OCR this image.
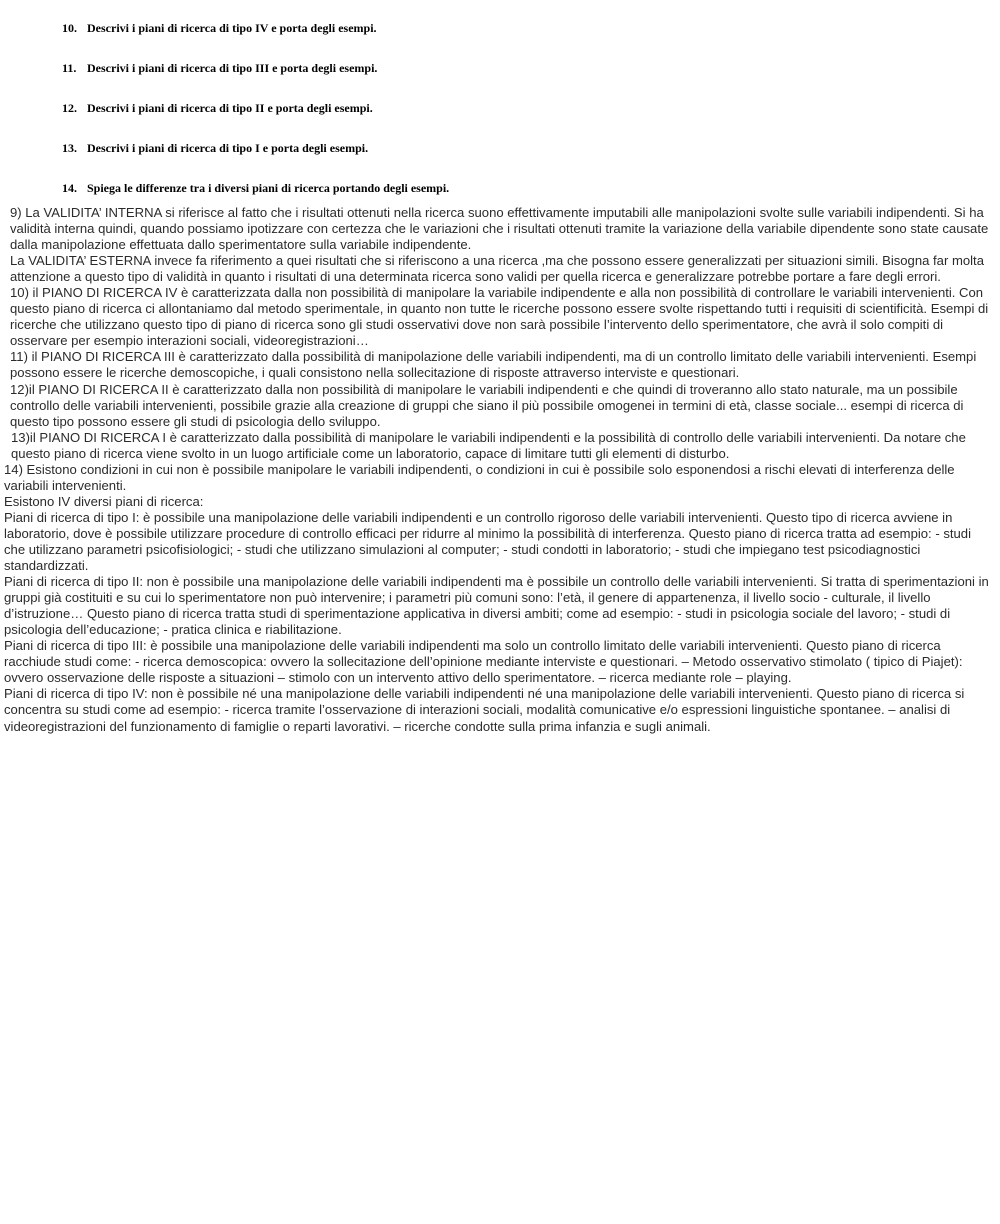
10. Descrivi i piani di ricerca di tipo IV e porta degli esempi.
11. Descrivi i piani di ricerca di tipo III e porta degli esempi.
12. Descrivi i piani di ricerca di tipo II e porta degli esempi.
13. Descrivi i piani di ricerca di tipo I e porta degli esempi.
14. Spiega le differenze tra i diversi piani di ricerca portando degli esempi.

9) La VALIDITA’ INTERNA si riferisce al fatto che i risultati ottenuti nella ricerca suono effettivamente imputabili alle manipolazioni svolte sulle variabili indipendenti. Si ha validità interna quindi, quando possiamo ipotizzare con certezza che le variazioni che i risultati ottenuti tramite la variazione della variabile dipendente sono state causate dalla manipolazione effettuata dallo sperimentatore sulla variabile indipendente.

La VALIDITA’ ESTERNA invece fa riferimento a quei risultati che si riferiscono a una ricerca ,ma che possono essere generalizzati per situazioni simili. Bisogna far molta attenzione a questo tipo di validità in quanto i risultati di una determinata ricerca sono validi per quella ricerca e generalizzare potrebbe portare a fare degli errori.

10) il PIANO DI RICERCA IV è caratterizzata dalla non possibilità di manipolare la variabile indipendente e alla non possibilità di controllare le variabili intervenienti. Con questo piano di ricerca ci allontaniamo dal metodo sperimentale, in quanto non tutte le ricerche possono essere svolte rispettando tutti i requisiti di scientificità. Esempi di ricerche che utilizzano questo tipo di piano di ricerca sono gli studi osservativi dove non sarà possibile l’intervento dello sperimentatore, che avrà il solo compiti di osservare per esempio interazioni sociali, videoregistrazioni…

11) il PIANO DI RICERCA III è caratterizzato dalla possibilità di manipolazione delle variabili indipendenti, ma di un controllo limitato delle variabili intervenienti. Esempi possono essere le ricerche demoscopiche, i quali consistono nella sollecitazione di risposte attraverso interviste e questionari.

12)il PIANO DI RICERCA II è caratterizzato dalla non possibilità di manipolare le variabili indipendenti e che quindi di troveranno allo stato naturale, ma un possibile controllo delle variabili intervenienti, possibile grazie alla creazione di gruppi che siano il più possibile omogenei in termini di età, classe sociale... esempi di ricerca di questo tipo possono essere gli studi di psicologia dello sviluppo.

13)il PIANO DI RICERCA I è caratterizzato dalla possibilità di manipolare le variabili indipendenti e la possibilità di controllo delle variabili intervenienti. Da notare che questo piano di ricerca viene svolto in un luogo artificiale come un laboratorio, capace di limitare tutti gli elementi di disturbo.

14) Esistono condizioni in cui non è possibile manipolare le variabili indipendenti, o condizioni in cui è possibile solo esponendosi a rischi elevati di interferenza delle variabili intervenienti.

Esistono IV diversi piani di ricerca:

Piani di ricerca di tipo I: è possibile una manipolazione delle variabili indipendenti e un controllo rigoroso delle variabili intervenienti. Questo tipo di ricerca avviene in laboratorio, dove è possibile utilizzare procedure di controllo efficaci per ridurre al minimo la possibilità di interferenza. Questo piano di ricerca tratta ad esempio: - studi che utilizzano parametri psicofisiologici; - studi che utilizzano simulazioni al computer; - studi condotti in laboratorio; - studi che impiegano test psicodiagnostici standardizzati.

Piani di ricerca di tipo II: non è possibile una manipolazione delle variabili indipendenti ma è possibile un controllo delle variabili intervenienti. Si tratta di sperimentazioni in gruppi già costituiti e su cui lo sperimentatore non può intervenire; i parametri più comuni sono: l’età, il genere di appartenenza, il livello socio - culturale, il livello d’istruzione… Questo piano di ricerca tratta studi di sperimentazione applicativa in diversi ambiti; come ad esempio: - studi in psicologia sociale del lavoro; - studi di psicologia dell’educazione; - pratica clinica e riabilitazione.

Piani di ricerca di tipo III: è possibile una manipolazione delle variabili indipendenti ma solo un controllo limitato delle variabili intervenienti. Questo piano di ricerca racchiude studi come: - ricerca demoscopica: ovvero la sollecitazione dell’opinione mediante interviste e questionari. – Metodo osservativo stimolato ( tipico di Piajet): ovvero osservazione delle risposte a situazioni – stimolo con un intervento attivo dello sperimentatore. – ricerca mediante role – playing.

Piani di ricerca di tipo IV: non è possibile né una manipolazione delle variabili indipendenti né una manipolazione delle variabili intervenienti. Questo piano di ricerca si concentra su studi come ad esempio: - ricerca tramite l’osservazione di interazioni sociali, modalità comunicative e/o espressioni linguistiche spontanee. – analisi di videoregistrazioni del funzionamento di famiglie o reparti lavorativi. – ricerche condotte sulla prima infanzia e sugli animali.
